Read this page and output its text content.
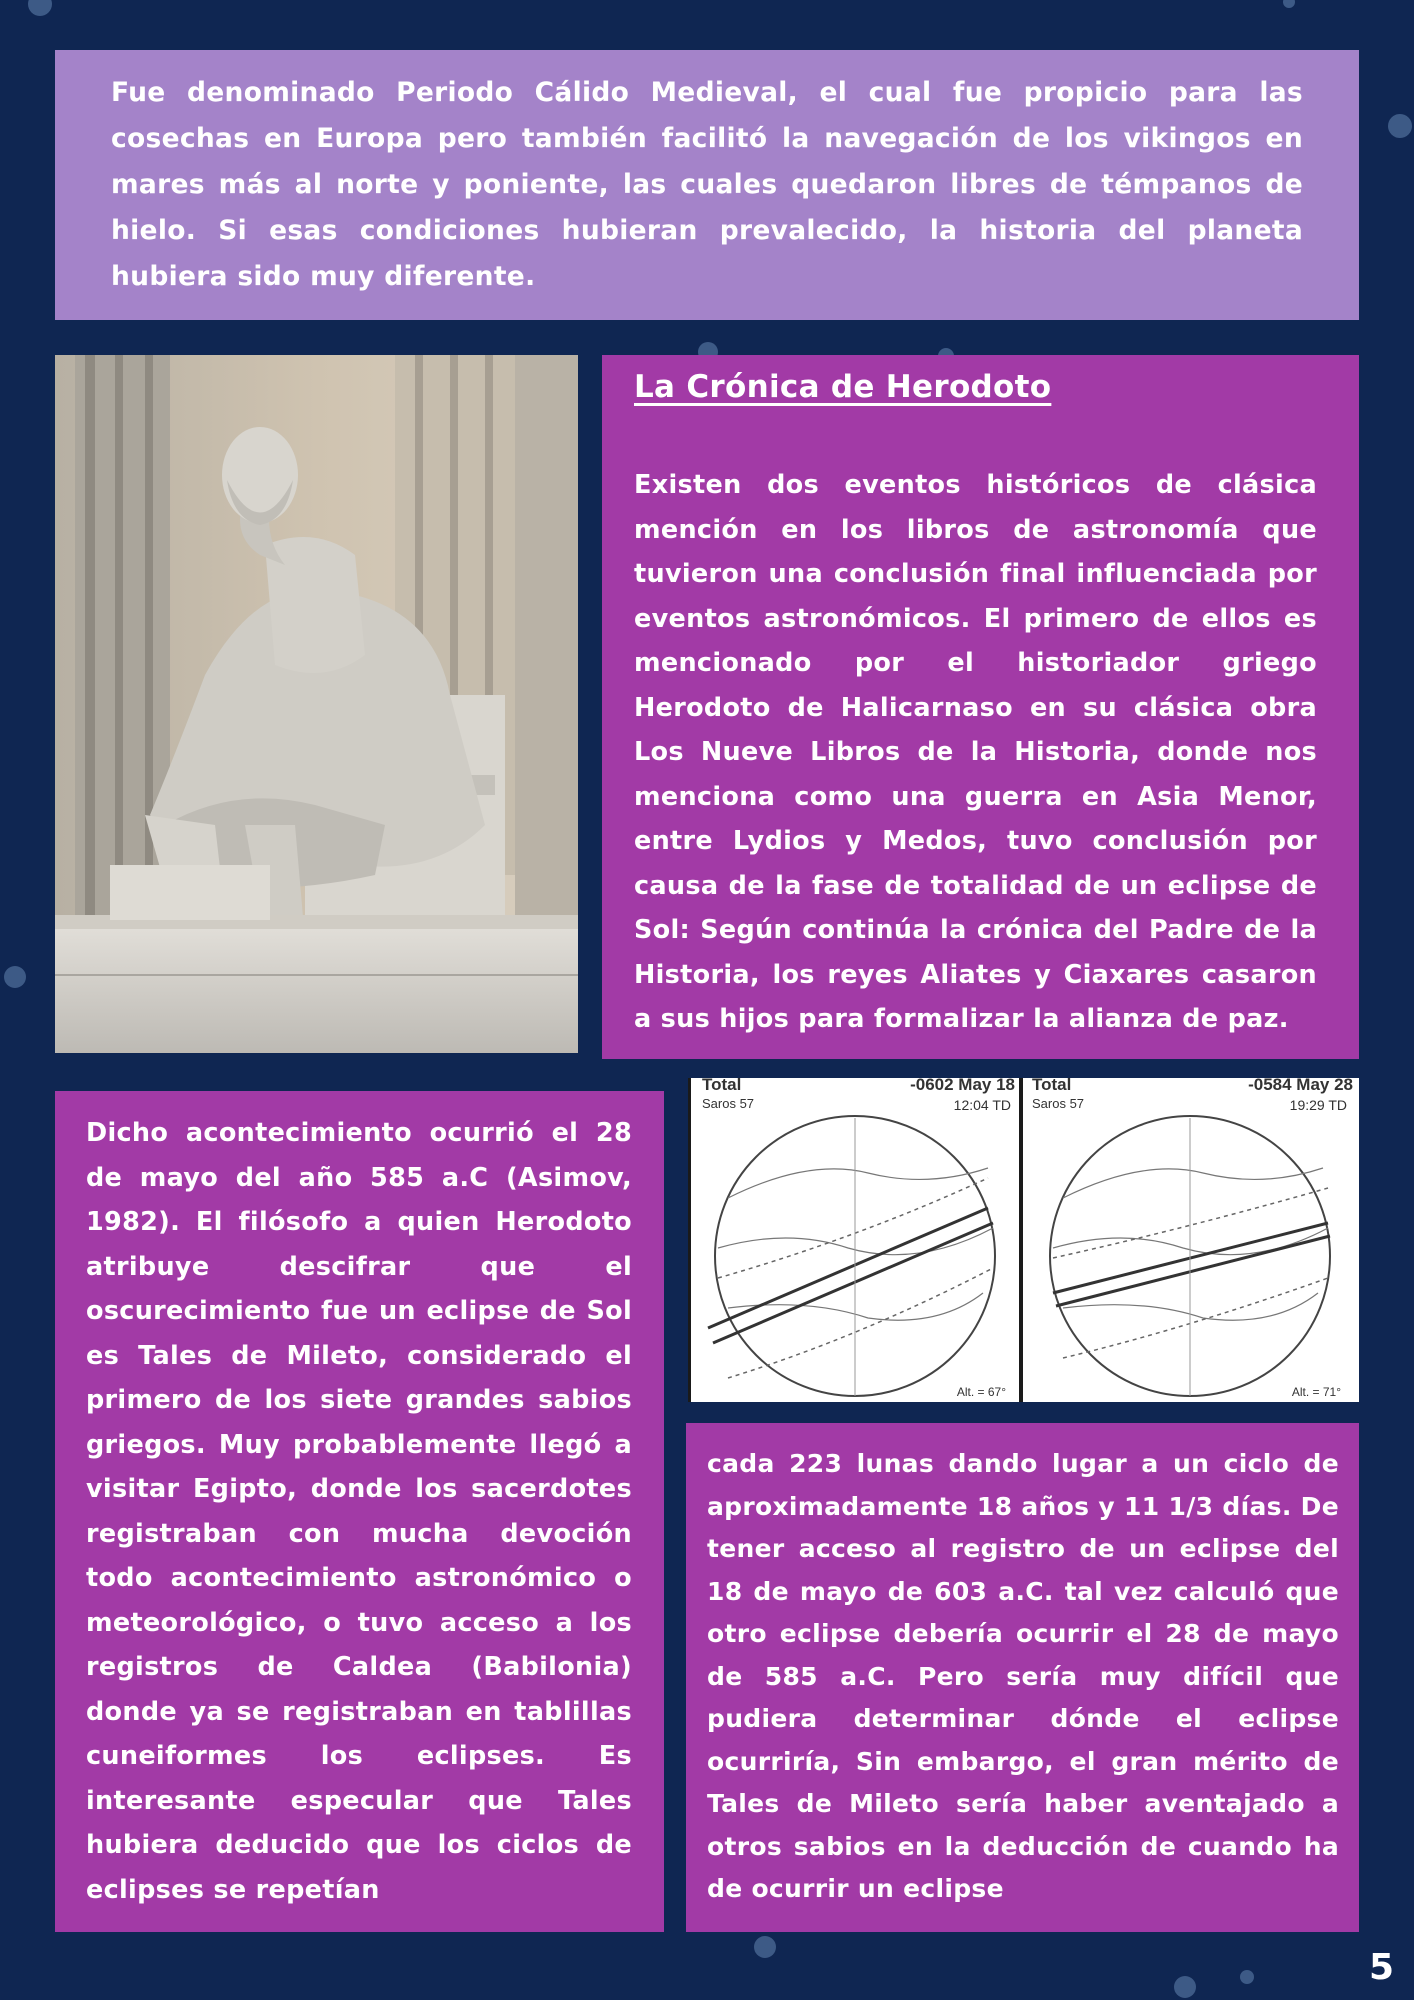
Fue denominado Periodo Cálido Medieval, el cual fue propicio para las cosechas en Europa pero también facilitó la navegación de los vikingos en mares más al norte y poniente, las cuales quedaron libres de témpanos de hielo. Si esas condiciones hubieran prevalecido, la historia del planeta hubiera sido muy diferente.

La Crónica de Herodoto

Existen dos eventos históricos de clásica mención en los libros de astronomía que tuvieron una conclusión final influenciada por eventos astronómicos. El primero de ellos es mencionado por el historiador griego Herodoto de Halicarnaso en su clásica obra Los Nueve Libros de la Historia, donde nos menciona como una guerra en Asia Menor, entre Lydios y Medos, tuvo conclusión por causa de la fase de totalidad de un eclipse de Sol: Según continúa la crónica del Padre de la Historia, los reyes Aliates y Ciaxares casaron a sus hijos para formalizar la alianza de paz.

Dicho acontecimiento ocurrió el 28 de mayo del año 585 a.C (Asimov, 1982). El filósofo a quien Herodoto atribuye descifrar que el oscurecimiento fue un eclipse de Sol es Tales de Mileto, considerado el primero de los siete grandes sabios griegos. Muy probablemente llegó a visitar Egipto, donde los sacerdotes registraban con mucha devoción todo acontecimiento astronómico o meteorológico, o tuvo acceso a los registros de Caldea (Babilonia) donde ya se registraban en tablillas cuneiformes los eclipses. Es interesante especular que Tales hubiera deducido que los ciclos de eclipses se repetían

Total	-0602 May 18
Saros 57	12:04 TD
Alt. = 67°
Total	-0584 May 28
Saros 57	19:29 TD
Alt. = 71°

cada 223 lunas dando lugar a un ciclo de aproximadamente 18 años y 11 1/3 días. De tener acceso al registro de un eclipse del 18 de mayo de 603 a.C. tal vez calculó que otro eclipse debería ocurrir el 28 de mayo de 585 a.C. Pero sería muy difícil que pudiera determinar dónde el eclipse ocurriría, Sin embargo, el gran mérito de Tales de Mileto sería haber aventajado a otros sabios en la deducción de cuando ha de ocurrir un eclipse

5
